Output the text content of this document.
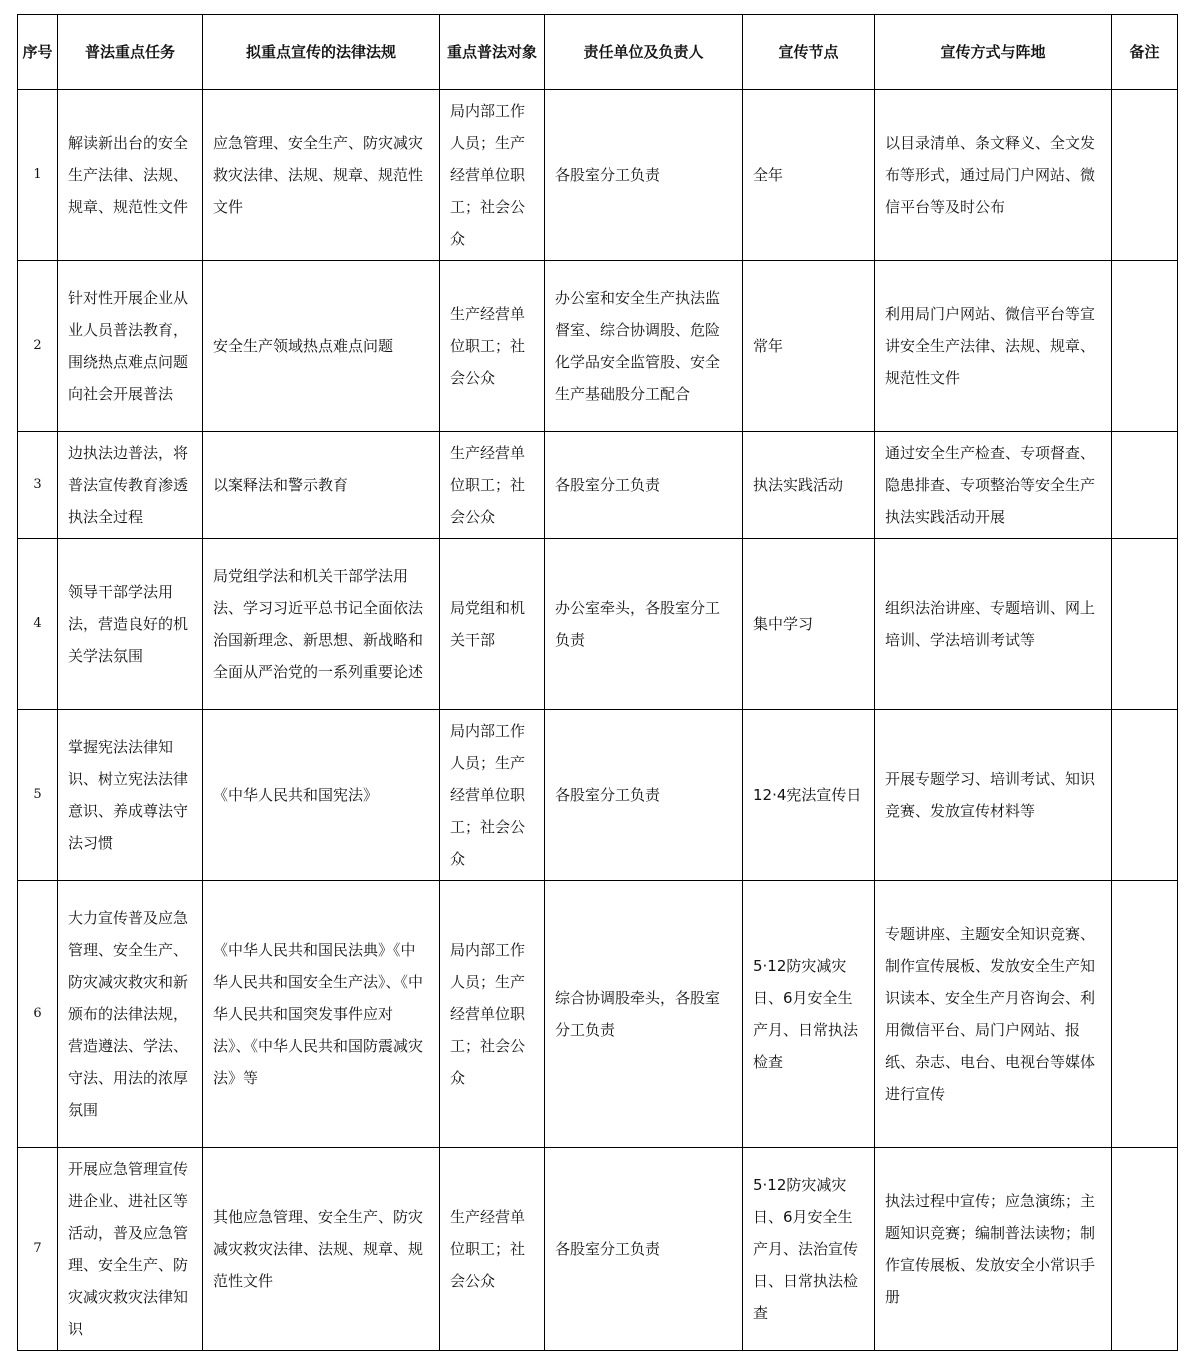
序号	普法重点任务	拟重点宣传的法律法规	重点普法对象	责任单位及负责人	宣传节点	宣传方式与阵地	备注
1	解读新出台的安全生产法律、法规、规章、规范性文件	应急管理、安全生产、防灾减灾救灾法律、法规、规章、规范性文件	局内部工作人员；生产经营单位职工；社会公众	各股室分工负责	全年	以目录清单、条文释义、全文发布等形式，通过局门户网站、微信平台等及时公布	
2	针对性开展企业从业人员普法教育，围绕热点难点问题向社会开展普法	安全生产领域热点难点问题	生产经营单位职工；社会公众	办公室和安全生产执法监督室、综合协调股、危险化学品安全监管股、安全生产基础股分工配合	常年	利用局门户网站、微信平台等宣讲安全生产法律、法规、规章、规范性文件	
3	边执法边普法，将普法宣传教育渗透执法全过程	以案释法和警示教育	生产经营单位职工；社会公众	各股室分工负责	执法实践活动	通过安全生产检查、专项督查、隐患排查、专项整治等安全生产执法实践活动开展	
4	领导干部学法用法，营造良好的机关学法氛围	局党组学法和机关干部学法用法、学习习近平总书记全面依法治国新理念、新思想、新战略和全面从严治党的一系列重要论述	局党组和机关干部	办公室牵头，各股室分工负责	集中学习	组织法治讲座、专题培训、网上培训、学法培训考试等	
5	掌握宪法法律知识、树立宪法法律意识、养成尊法守法习惯	《中华人民共和国宪法》	局内部工作人员；生产经营单位职工；社会公众	各股室分工负责	12·4宪法宣传日	开展专题学习、培训考试、知识竞赛、发放宣传材料等	
6	大力宣传普及应急管理、安全生产、防灾减灾救灾和新颁布的法律法规，营造遵法、学法、守法、用法的浓厚氛围	《中华人民共和国民法典》《中华人民共和国安全生产法》、《中华人民共和国突发事件应对法》、《中华人民共和国防震减灾法》等	局内部工作人员；生产经营单位职工；社会公众	综合协调股牵头，各股室分工负责	5·12防灾减灾日、6月安全生产月、日常执法检查	专题讲座、主题安全知识竞赛、制作宣传展板、发放安全生产知识读本、安全生产月咨询会、利用微信平台、局门户网站、报纸、杂志、电台、电视台等媒体进行宣传	
7	开展应急管理宣传进企业、进社区等活动，普及应急管理、安全生产、防灾减灾救灾法律知识	其他应急管理、安全生产、防灾减灾救灾法律、法规、规章、规范性文件	生产经营单位职工；社会公众	各股室分工负责	5·12防灾减灾日、6月安全生产月、法治宣传日、日常执法检查	执法过程中宣传；应急演练；主题知识竞赛；编制普法读物；制作宣传展板、发放安全小常识手册	
